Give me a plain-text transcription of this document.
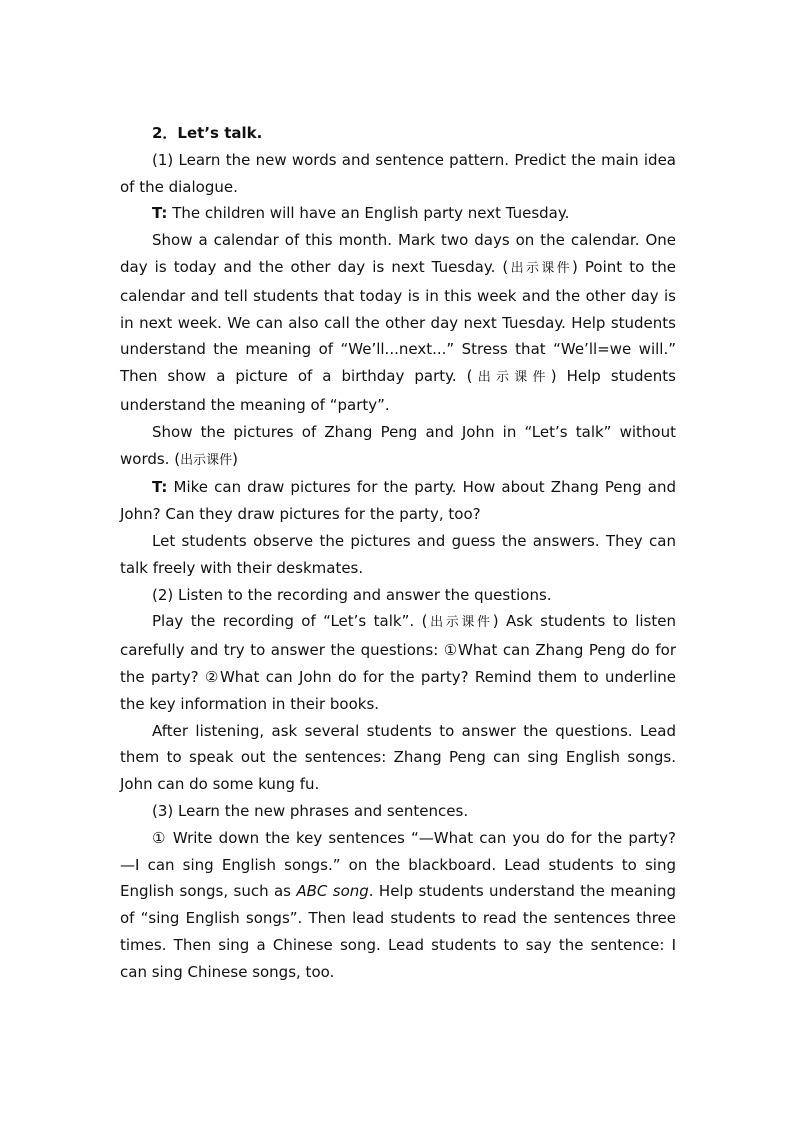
2．Let’s talk.

(1) Learn the new words and sentence pattern. Predict the main idea of the dialogue.

T: The children will have an English party next Tuesday.

Show a calendar of this month. Mark two days on the calendar. One day is today and the other day is next Tuesday. (出示课件) Point to the calendar and tell students that today is in this week and the other day is in next week. We can also call the other day next Tuesday. Help students understand the meaning of “We’ll...next...” Stress that “We’ll=we will.” Then show a picture of a birthday party. (出示课件) Help students understand the meaning of “party”.

Show the pictures of Zhang Peng and John in “Let’s talk” without words. (出示课件)

T: Mike can draw pictures for the party. How about Zhang Peng and John? Can they draw pictures for the party, too?

Let students observe the pictures and guess the answers. They can talk freely with their deskmates.

(2) Listen to the recording and answer the questions.

Play the recording of “Let’s talk”. (出示课件) Ask students to listen carefully and try to answer the questions: ①What can Zhang Peng do for the party? ②What can John do for the party? Remind them to underline the key information in their books.

After listening, ask several students to answer the questions. Lead them to speak out the sentences: Zhang Peng can sing English songs. John can do some kung fu.

(3) Learn the new phrases and sentences.

① Write down the key sentences “—What can you do for the party? —I can sing English songs.” on the blackboard. Lead students to sing English songs, such as ABC song. Help students understand the meaning of “sing English songs”. Then lead students to read the sentences three times. Then sing a Chinese song. Lead students to say the sentence: I can sing Chinese songs, too.
